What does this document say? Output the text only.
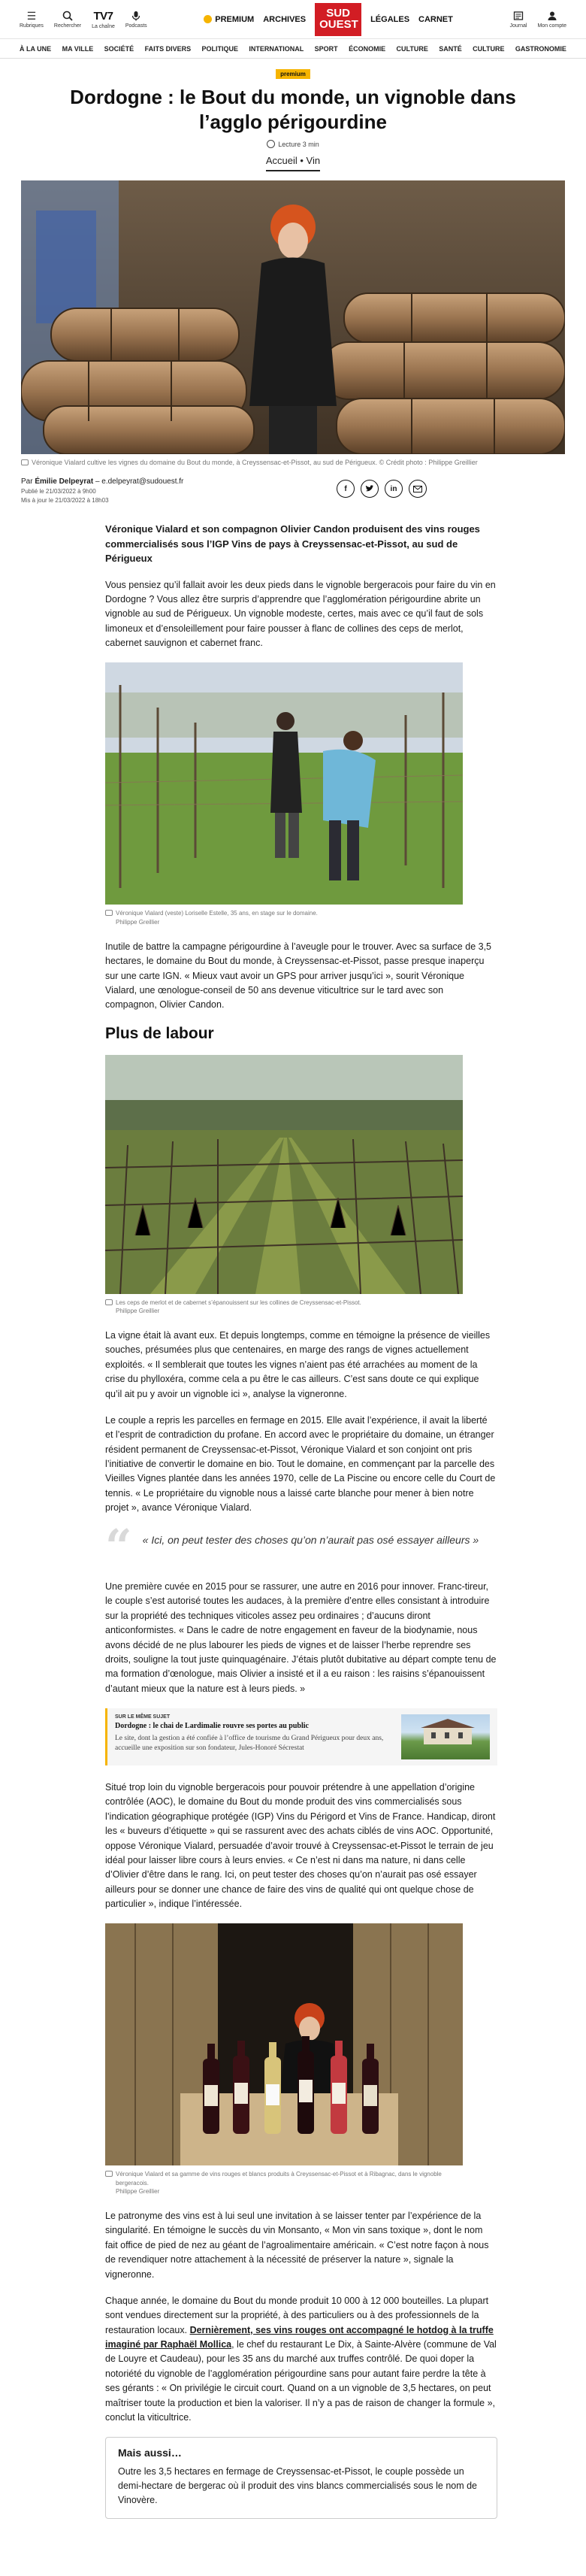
☰
Rubriques Rechercher
TV7
La chaîne Podcasts
PREMIUM ARCHIVES	SUD
OUEST LÉGALES CARNET
Journal Mon compte
À LA UNE MA VILLE SOCIÉTÉ FAITS DIVERS POLITIQUE INTERNATIONAL SPORT ÉCONOMIE CULTURE SANTÉ CULTURE GASTRONOMIE
premium
Dordogne : le Bout du monde, un vignoble dans l’agglo périgourdine
Lecture 3 min
Accueil • Vin
Véronique Vialard cultive les vignes du domaine du Bout du monde, à Creyssensac-et-Pissot, au sud de Périgueux. © Crédit photo : Philippe Greillier
Par Émilie Delpeyrat – e.delpeyrat@sudouest.fr
Publié le 21/03/2022 à 9h00
Mis à jour le 21/03/2022 à 18h03
f	in

Véronique Vialard et son compagnon Olivier Candon produisent des vins rouges commercialisés sous l’IGP Vins de pays à Creyssensac-et-Pissot, au sud de Périgueux

Vous pensiez qu’il fallait avoir les deux pieds dans le vignoble bergeracois pour faire du vin en Dordogne ? Vous allez être surpris d’apprendre que l’agglomération périgourdine abrite un vignoble au sud de Périgueux. Un vignoble modeste, certes, mais avec ce qu’il faut de sols limoneux et d’ensoleillement pour faire pousser à flanc de collines des ceps de merlot, cabernet sauvignon et cabernet franc.

Véronique Vialard (veste) Loriselle Estelle, 35 ans, en stage sur le domaine.
Philippe Greillier

Inutile de battre la campagne périgourdine à l’aveugle pour le trouver. Avec sa surface de 3,5 hectares, le domaine du Bout du monde, à Creyssensac-et-Pissot, passe presque inaperçu sur une carte IGN. « Mieux vaut avoir un GPS pour arriver jusqu’ici », sourit Véronique Vialard, une œnologue-conseil de 50 ans devenue viticultrice sur le tard avec son compagnon, Olivier Candon.

Plus de labour
Les ceps de merlot et de cabernet s’épanouissent sur les collines de Creyssensac-et-Pissot.
Philippe Greillier

La vigne était là avant eux. Et depuis longtemps, comme en témoigne la présence de vieilles souches, présumées plus que centenaires, en marge des rangs de vignes actuellement exploités. « Il semblerait que toutes les vignes n’aient pas été arrachées au moment de la crise du phylloxéra, comme cela a pu être le cas ailleurs. C’est sans doute ce qui explique qu’il ait pu y avoir un vignoble ici », analyse la vigneronne.

Le couple a repris les parcelles en fermage en 2015. Elle avait l’expérience, il avait la liberté et l’esprit de contradiction du profane. En accord avec le propriétaire du domaine, un étranger résident permanent de Creyssensac-et-Pissot, Véronique Vialard et son conjoint ont pris l’initiative de convertir le domaine en bio. Tout le domaine, en commençant par la parcelle des Vieilles Vignes plantée dans les années 1970, celle de La Piscine ou encore celle du Court de tennis. « Le propriétaire du vignoble nous a laissé carte blanche pour mener à bien notre projet », avance Véronique Vialard.

“ « Ici, on peut tester des choses qu’on n’aurait pas osé essayer ailleurs »

Une première cuvée en 2015 pour se rassurer, une autre en 2016 pour innover. Franc-tireur, le couple s’est autorisé toutes les audaces, à la première d’entre elles consistant à introduire sur la propriété des techniques viticoles assez peu ordinaires ; d’aucuns diront anticonformistes. « Dans le cadre de notre engagement en faveur de la biodynamie, nous avons décidé de ne plus labourer les pieds de vignes et de laisser l’herbe reprendre ses droits, souligne la tout juste quinquagénaire. J’étais plutôt dubitative au départ compte tenu de ma formation d’œnologue, mais Olivier a insisté et il a eu raison : les raisins s’épanouissent d’autant mieux que la nature est à leurs pieds. »

SUR LE MÊME SUJET
Dordogne : le chai de Lardimalie rouvre ses portes au public
Le site, dont la gestion a été confiée à l’office de tourisme du Grand Périgueux pour deux ans, accueille une exposition sur son fondateur, Jules-Honoré Sécrestat

Situé trop loin du vignoble bergeracois pour pouvoir prétendre à une appellation d’origine contrôlée (AOC), le domaine du Bout du monde produit des vins commercialisés sous l’indication géographique protégée (IGP) Vins du Périgord et Vins de France. Handicap, diront les « buveurs d’étiquette » qui se rassurent avec des achats ciblés de vins AOC. Opportunité, oppose Véronique Vialard, persuadée d’avoir trouvé à Creyssensac-et-Pissot le terrain de jeu idéal pour laisser libre cours à leurs envies. « Ce n’est ni dans ma nature, ni dans celle d’Olivier d’être dans le rang. Ici, on peut tester des choses qu’on n’aurait pas osé essayer ailleurs pour se donner une chance de faire des vins de qualité qui ont quelque chose de particulier », indique l’intéressée.

Véronique Vialard et sa gamme de vins rouges et blancs produits à Creyssensac-et-Pissot et à Ribagnac, dans le vignoble bergeracois.
Philippe Greillier

Le patronyme des vins est à lui seul une invitation à se laisser tenter par l’expérience de la singularité. En témoigne le succès du vin Monsanto, « Mon vin sans toxique », dont le nom fait office de pied de nez au géant de l’agroalimentaire américain. « C’est notre façon à nous de revendiquer notre attachement à la nécessité de préserver la nature », signale la vigneronne.

Chaque année, le domaine du Bout du monde produit 10 000 à 12 000 bouteilles. La plupart sont vendues directement sur la propriété, à des particuliers ou à des professionnels de la restauration locaux. Dernièrement, ses vins rouges ont accompagné le hotdog à la truffe imaginé par Raphaël Mollica, le chef du restaurant Le Dix, à Sainte-Alvère (commune de Val de Louyre et Caudeau), pour les 35 ans du marché aux truffes contrôlé. De quoi doper la notoriété du vignoble de l’agglomération périgourdine sans pour autant faire perdre la tête à ses gérants : « On privilégie le circuit court. Quand on a un vignoble de 3,5 hectares, on peut maîtriser toute la production et bien la valoriser. Il n’y a pas de raison de changer la formule », conclut la viticultrice.

Mais aussi…

Outre les 3,5 hectares en fermage de Creyssensac-et-Pissot, le couple possède un demi-hectare de bergerac où il produit des vins blancs commercialisés sous le nom de Vinovère.
